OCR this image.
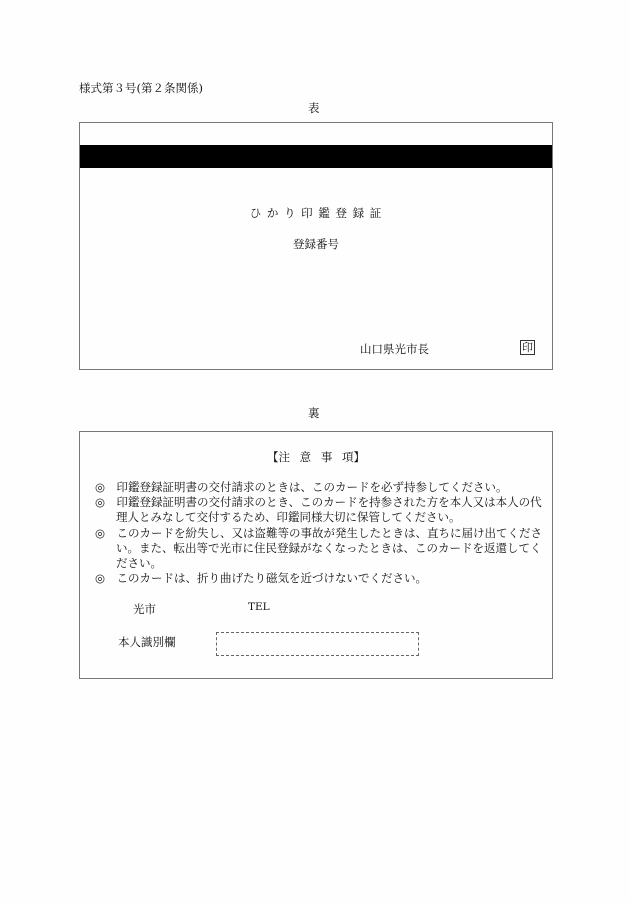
様式第３号(第２条関係)
表
ひ か り 印 鑑 登 録 証
登録番号
山口県光市長	印
裏
【注 意 事 項】
光市	TEL
本人識別欄
◎　印鑑登録証明書の交付請求のときは、このカードを必ず持参してください。
◎　印鑑登録証明書の交付請求のとき、このカードを持参された方を本人又は本人の代理人とみなして交付するため、印鑑同様大切に保管してください。
◎　このカードを紛失し、又は盗難等の事故が発生したときは、直ちに届け出てください。また、転出等で光市に住民登録がなくなったときは、このカードを返還してください。
◎　このカードは、折り曲げたり磁気を近づけないでください。
